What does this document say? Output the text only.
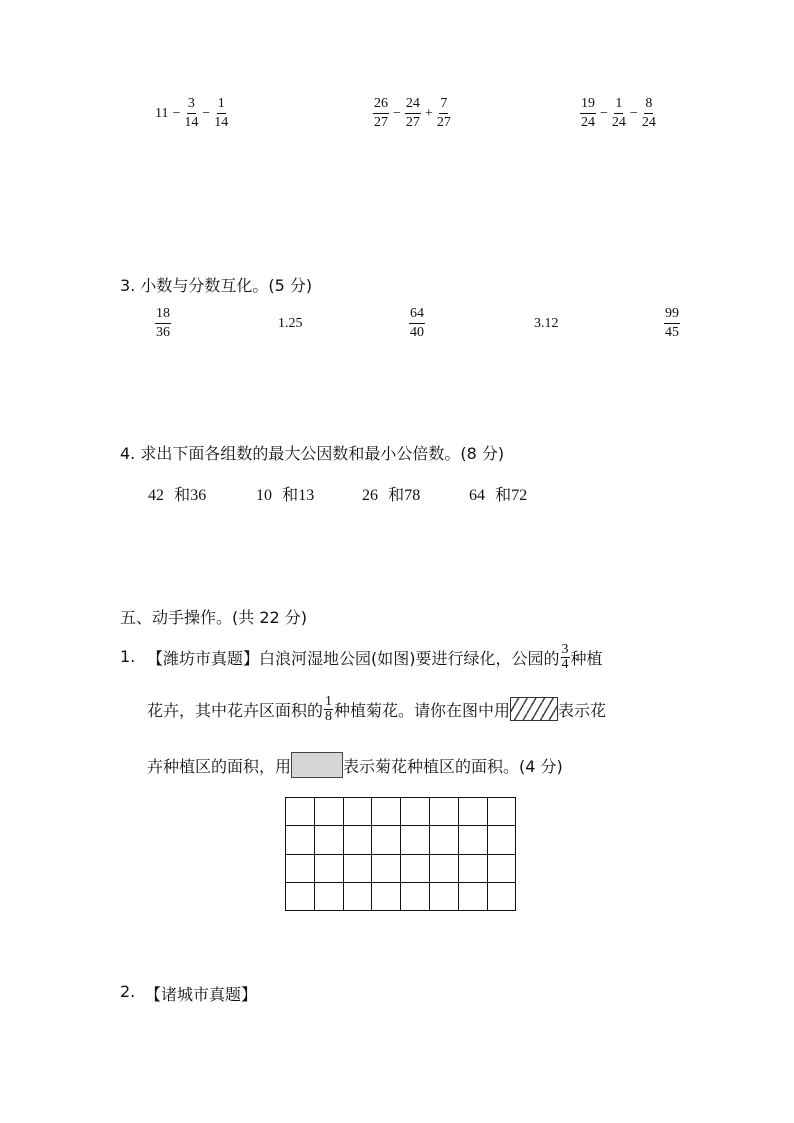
$11 - \frac{3}{14} - \frac{1}{14}$	$\frac{26}{27} - \frac{24}{27} + \frac{7}{27}$	$\frac{19}{24} - \frac{1}{24} - \frac{8}{24}$
3. 小数与分数互化。(5 分)
$\frac{18}{36}$	1.25	$\frac{64}{40}$	3.12	$\frac{99}{45}$
4. 求出下面各组数的最大公因数和最小公倍数。(8 分)
42 和36	10 和13	26 和78	64 和72
五、动手操作。(共 22 分)
1. 【潍坊市真题】白浪河湿地公园(如图)要进行绿化，公园的 3
4 种植
花卉，其中花卉区面积的 1
8 种植菊花。请你在图中用	表示花
卉种植区的面积，用	表示菊花种植区的面积。(4 分)

2. 【诸城市真题】
